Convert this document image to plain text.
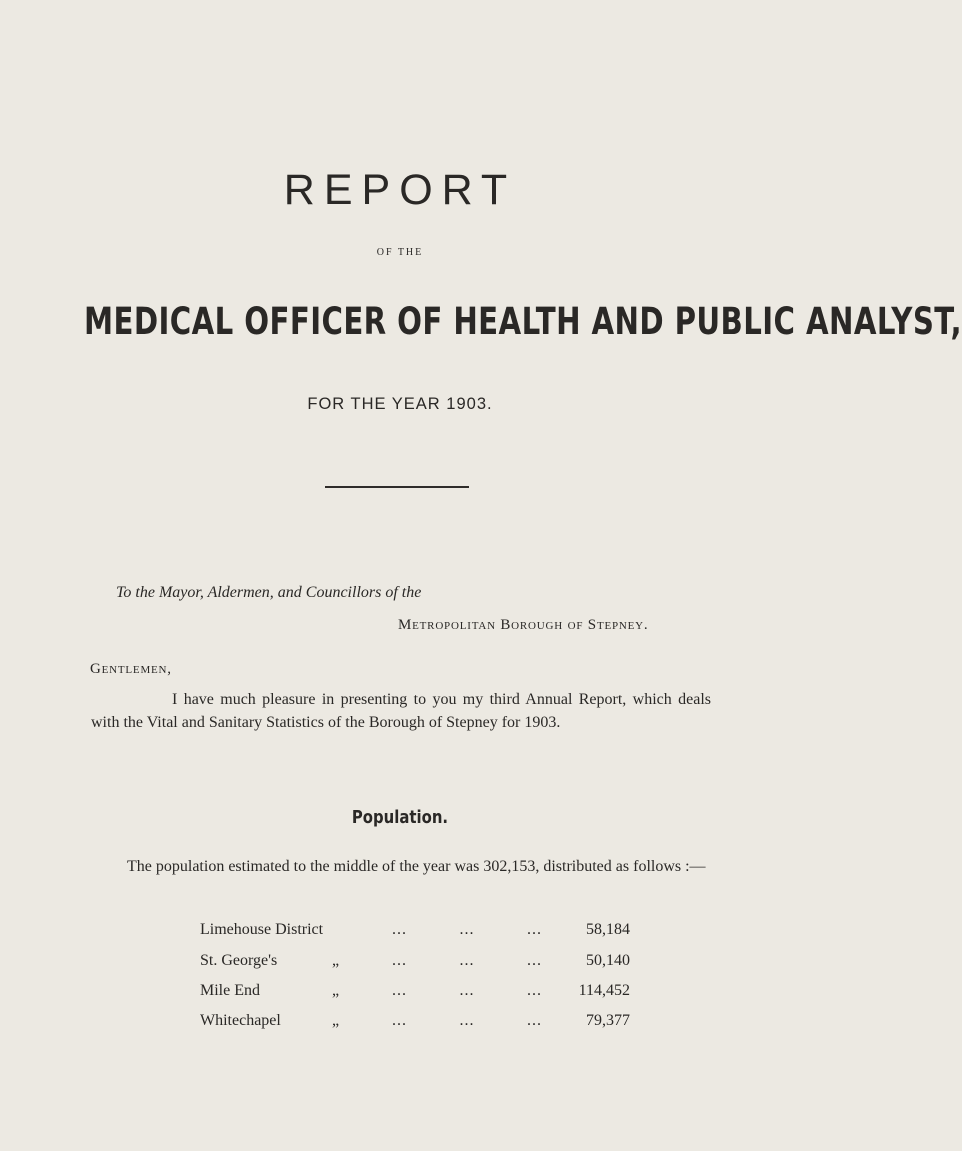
REPORT
OF THE
MEDICAL OFFICER OF HEALTH AND PUBLIC ANALYST,
FOR THE YEAR 1903.
To the Mayor, Aldermen, and Councillors of the
Metropolitan Borough of Stepney.
Gentlemen,
I have much pleasure in presenting to you my third Annual Report, which deals with the Vital and Sanitary Statistics of the Borough of Stepney for 1903.
Population.
The population estimated to the middle of the year was 302,153, distributed as follows :—
Limehouse District	...	...	...	58,184
St. George's	„	...	...	...	50,140
Mile End	„	...	...	... 114,452
Whitechapel	„	...	...	...	79,377
